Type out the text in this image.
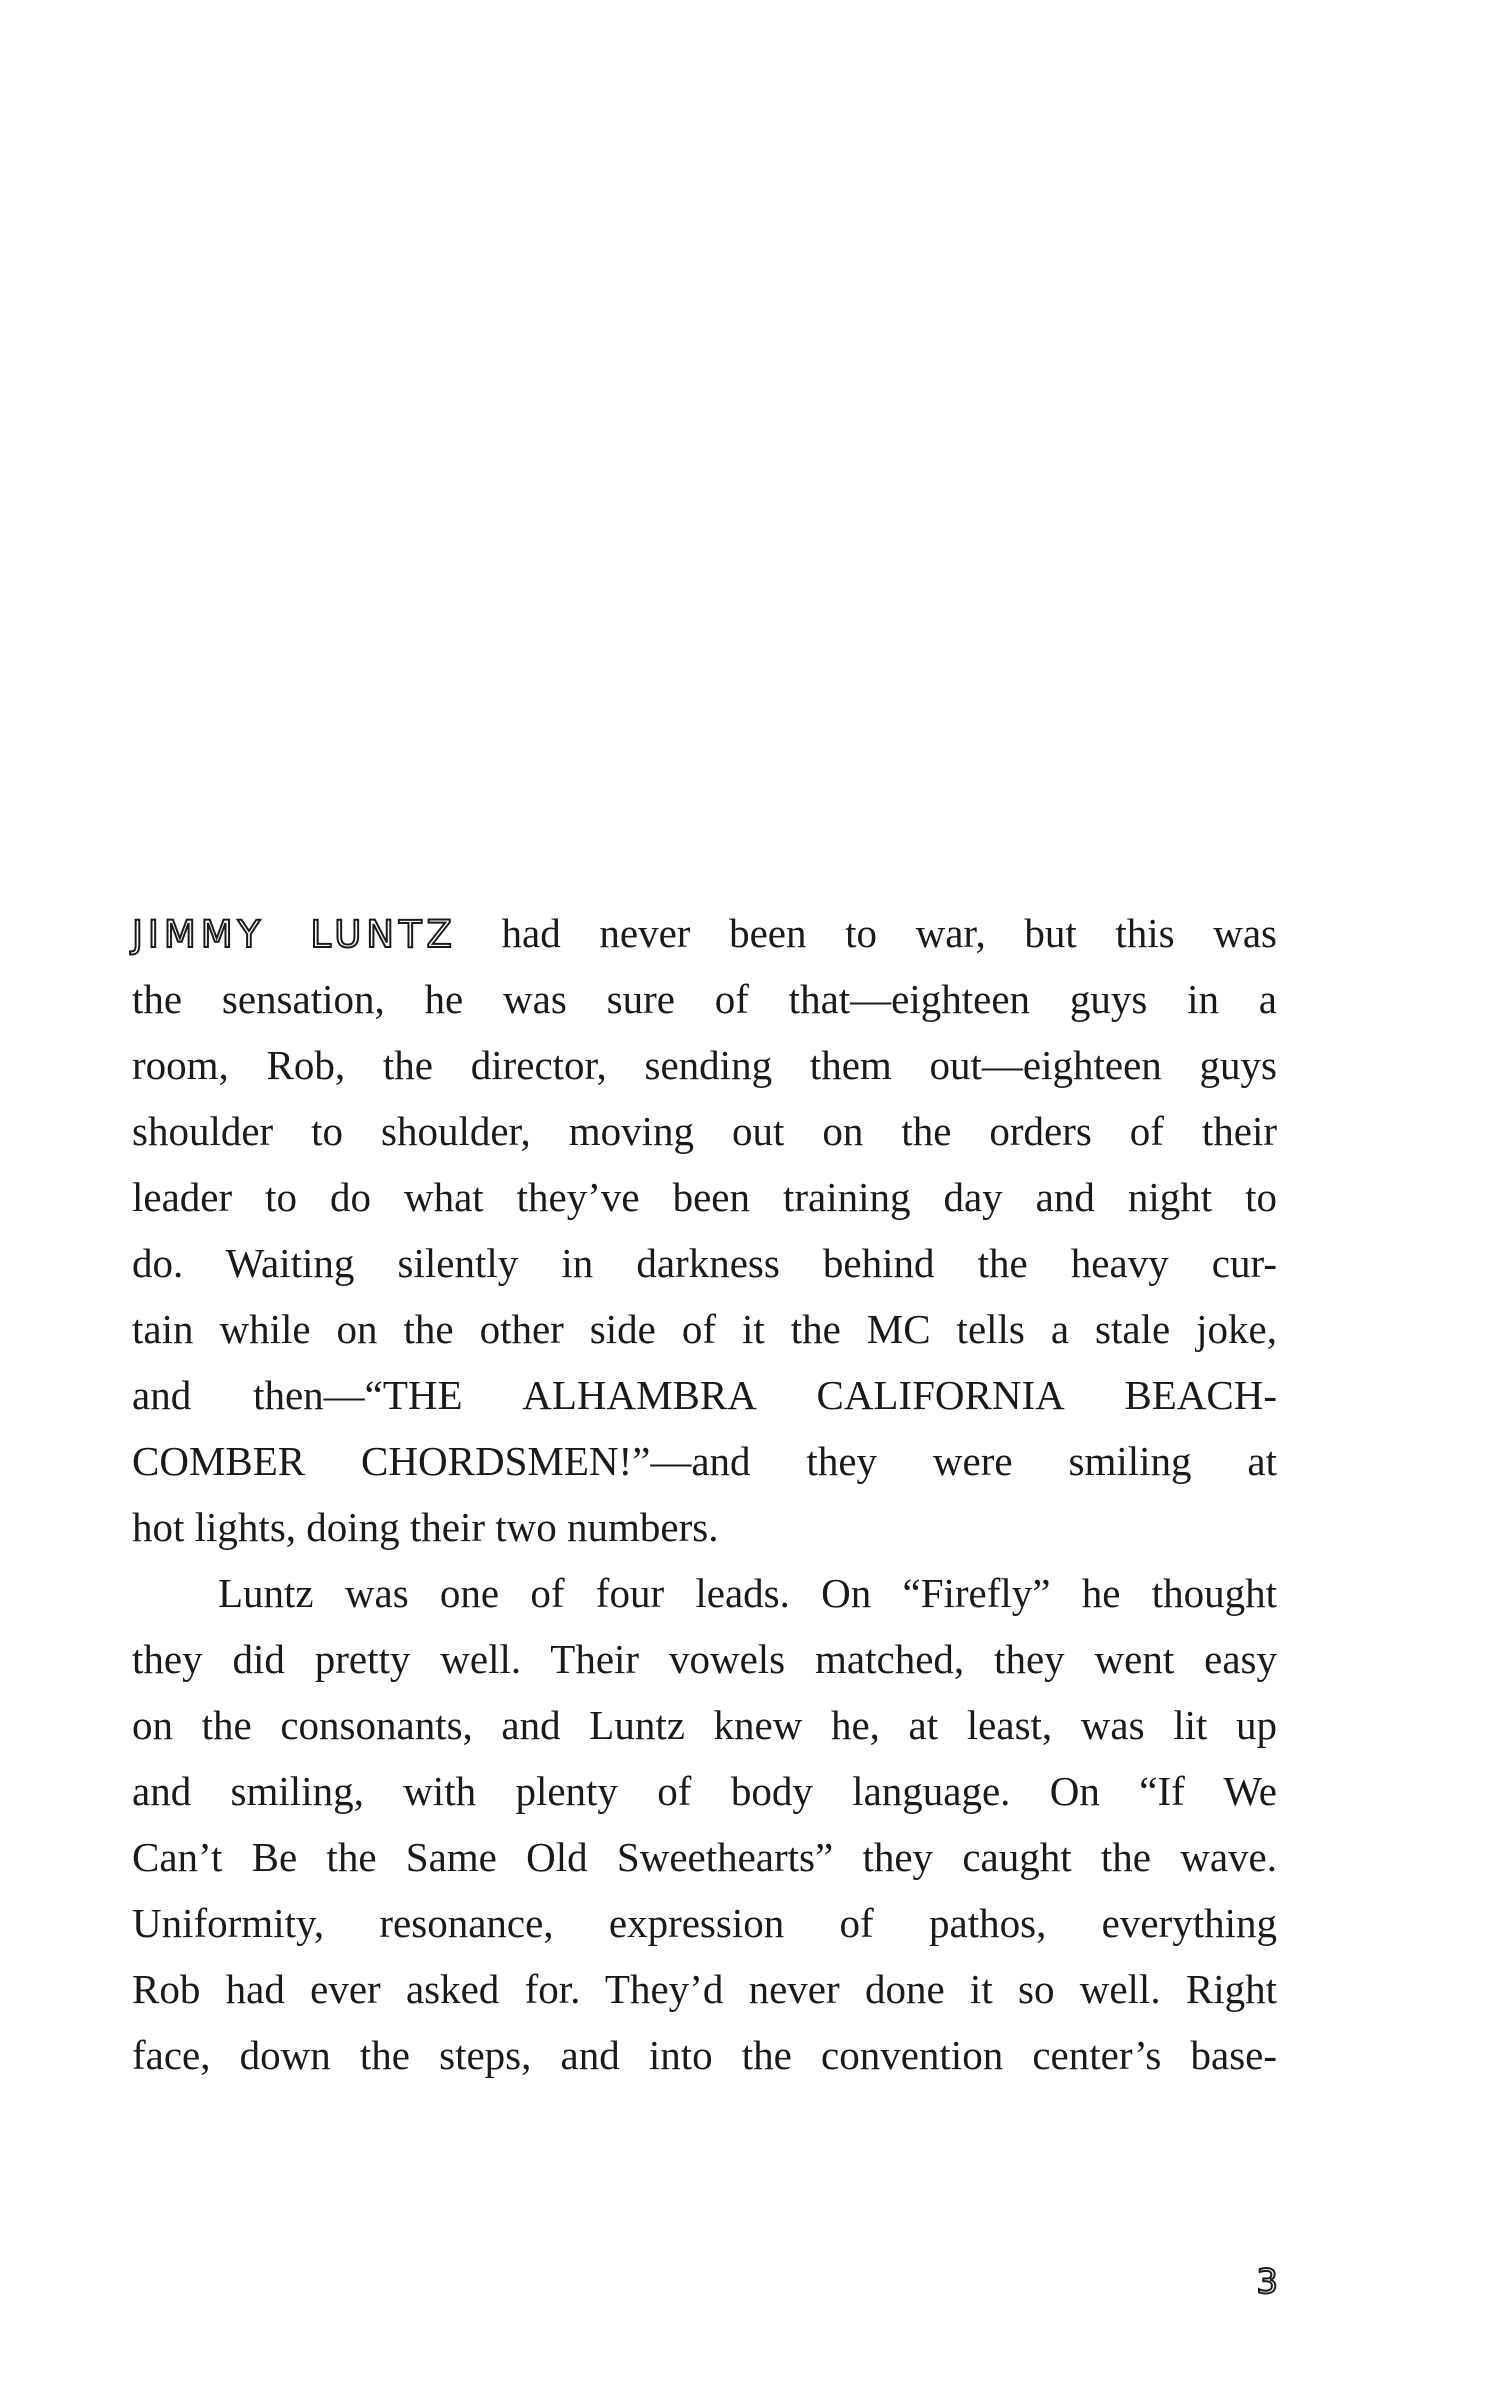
JIMMY LUNTZ had never been to war, but this was
the sensation, he was sure of that—eighteen guys in a
room, Rob, the director, sending them out—eighteen guys
shoulder to shoulder, moving out on the orders of their
leader to do what they’ve been training day and night to
do. Waiting silently in darkness behind the heavy cur-
tain while on the other side of it the MC tells a stale joke,
and then—“THE ALHAMBRA CALIFORNIA BEACH-
COMBER CHORDSMEN!”—and they were smiling at
hot lights, doing their two numbers.
Luntz was one of four leads. On “Firefly” he thought
they did pretty well. Their vowels matched, they went easy
on the consonants, and Luntz knew he, at least, was lit up
and smiling, with plenty of body language. On “If We
Can’t Be the Same Old Sweethearts” they caught the wave.
Uniformity, resonance, expression of pathos, everything
Rob had ever asked for. They’d never done it so well. Right
face, down the steps, and into the convention center’s base-
3
